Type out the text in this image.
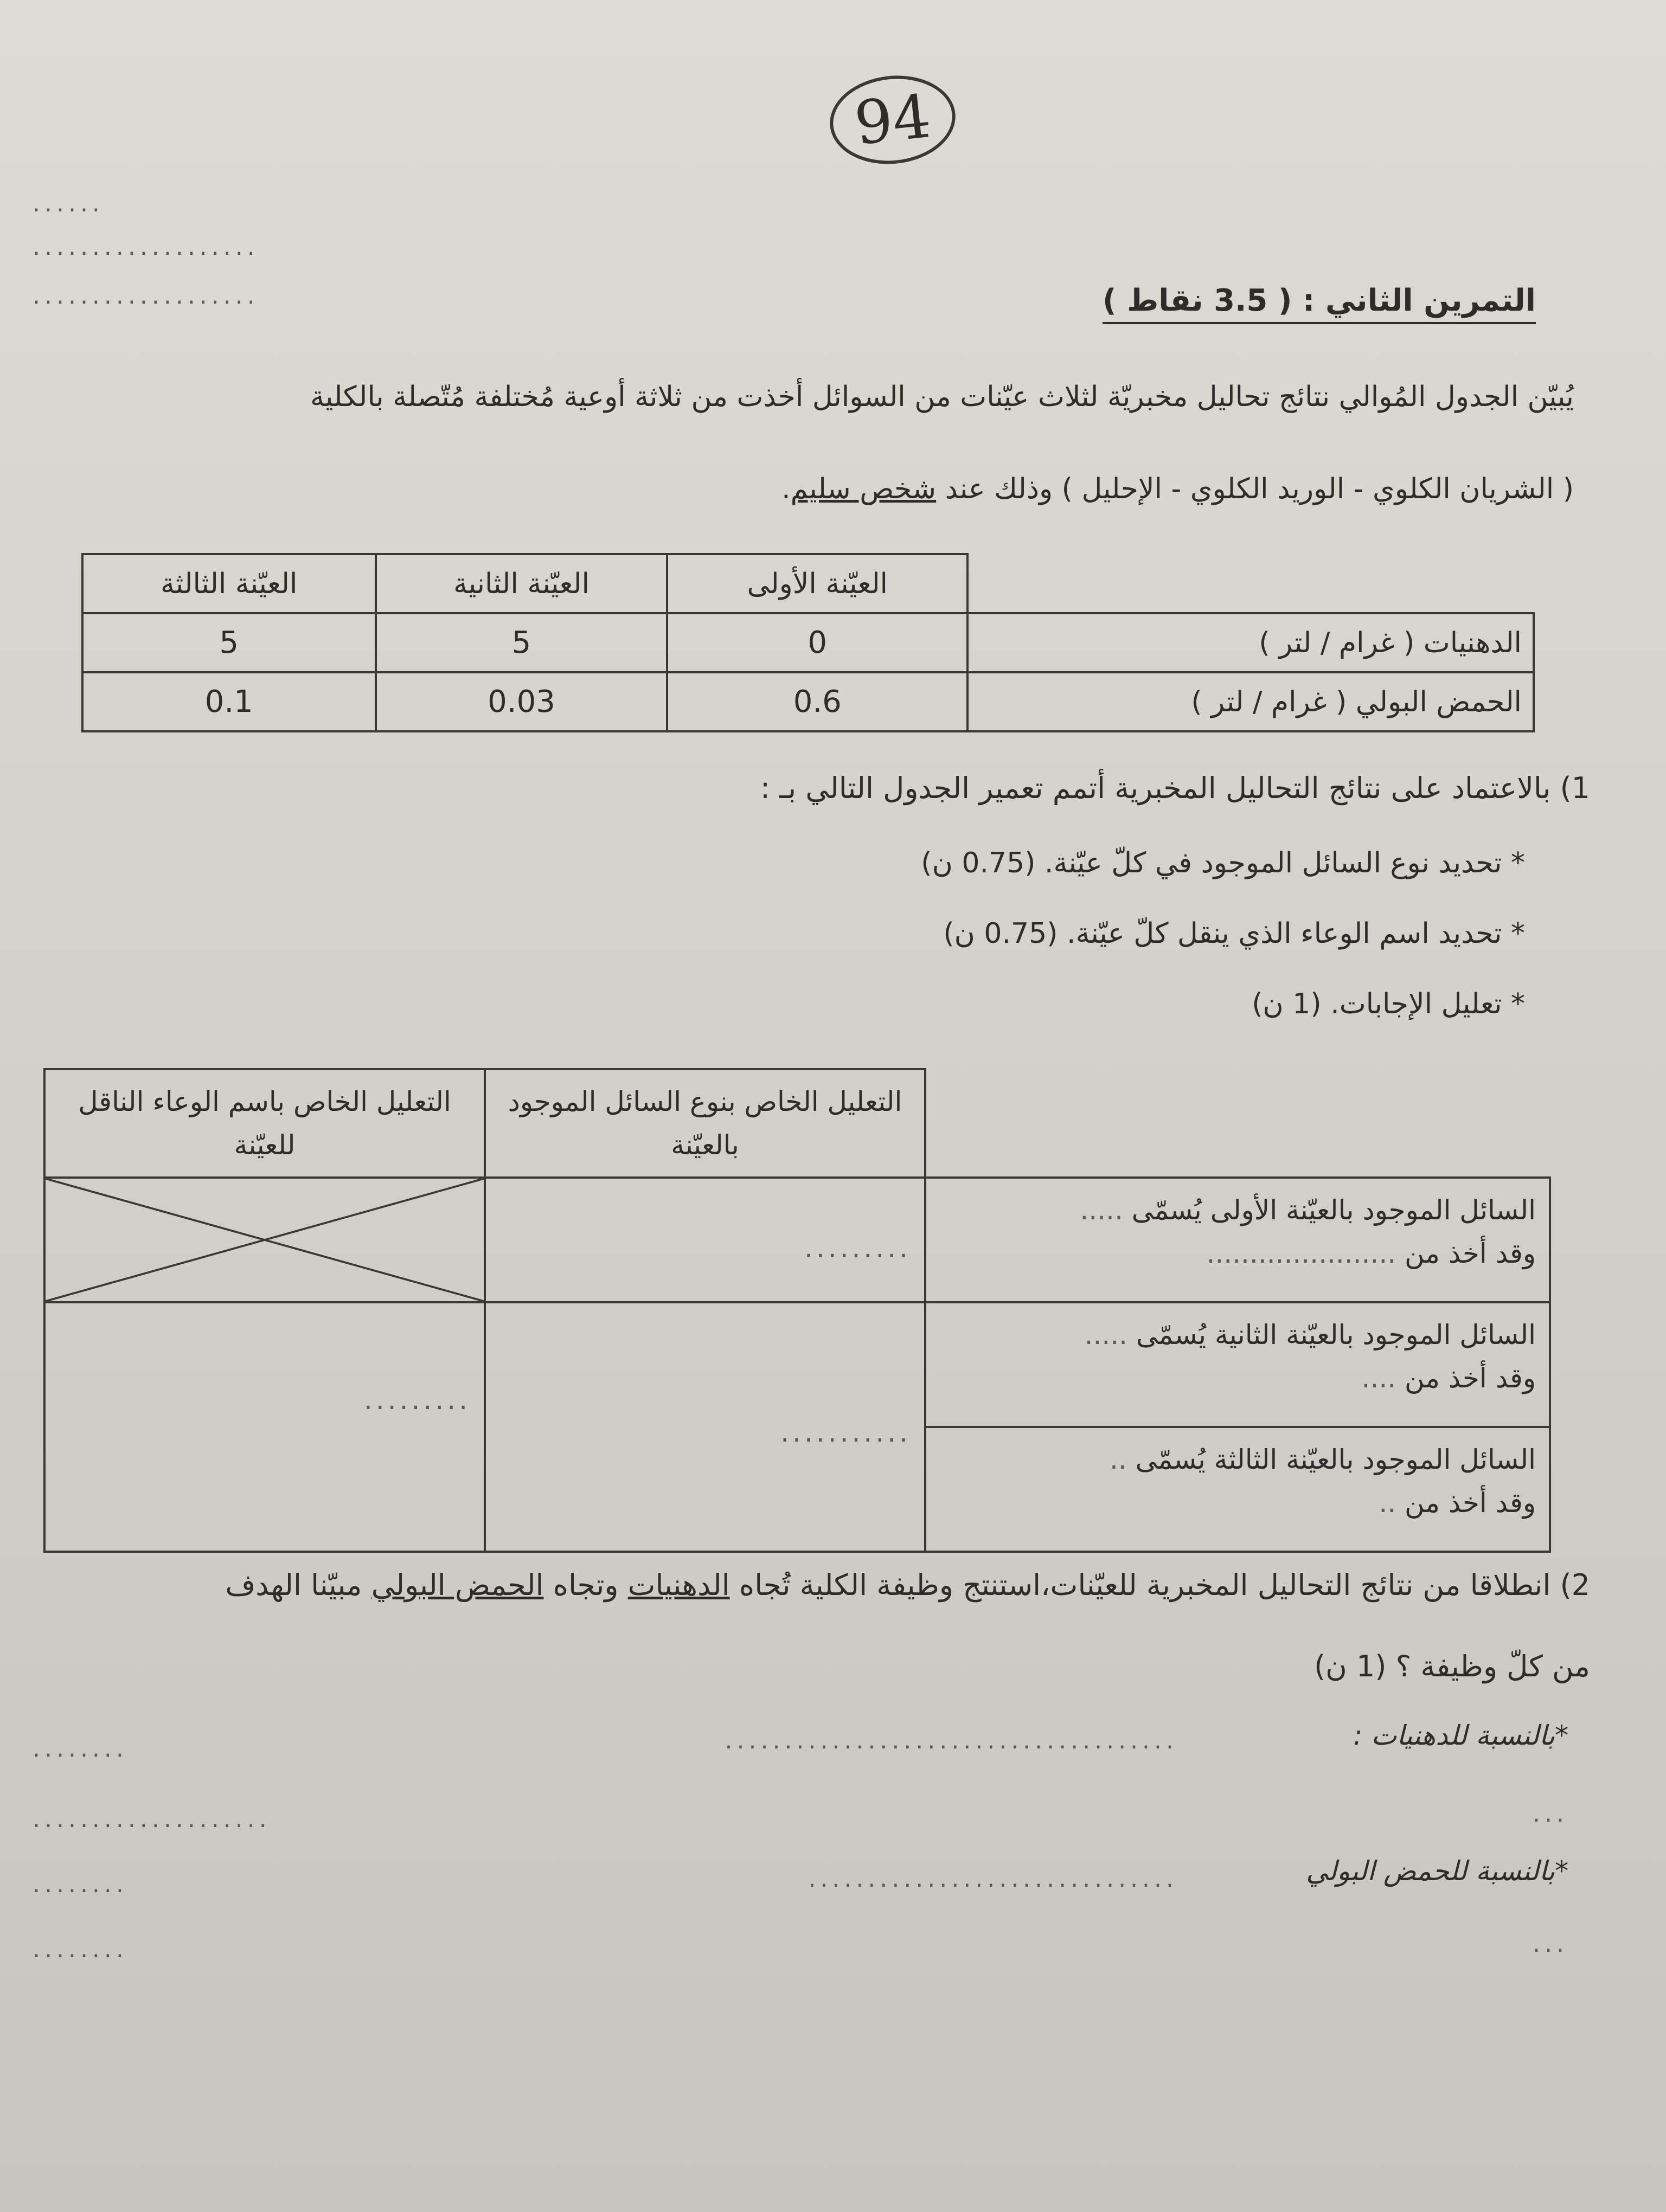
94
......
...................
...................	التمرين الثاني : ( 3.5 نقاط )
يُبيّن الجدول المُوالي نتائج تحاليل مخبريّة لثلاث عيّنات من السوائل أخذت من ثلاثة أوعية مُختلفة مُتّصلة بالكلية
( الشريان الكلوي - الوريد الكلوي - الإحليل ) وذلك عند شخص سليم.
	العيّنة الأولى	العيّنة الثانية	العيّنة الثالثة
الدهنيات ( غرام / لتر )	0	5	5
الحمض البولي ( غرام / لتر )	0.6	0.03	0.1
1) بالاعتماد على نتائج التحاليل المخبرية أتمم تعمير الجدول التالي بـ :
* تحديد نوع السائل الموجود في كلّ عيّنة. (0.75 ن)
* تحديد اسم الوعاء الذي ينقل كلّ عيّنة. (0.75 ن)
* تعليل الإجابات. (1 ن)
	التعليل الخاص بنوع السائل الموجود بالعيّنة	التعليل الخاص باسم الوعاء الناقل للعيّنة

السائل الموجود بالعيّنة الأولى يُسمّى .....
وقد أخذ من ......................	.........

السائل الموجود بالعيّنة الثانية يُسمّى .....
وقد أخذ من ....	...........	.........

السائل الموجود بالعيّنة الثالثة يُسمّى ..
وقد أخذ من ..		
2) انطلاقا من نتائج التحاليل المخبرية للعيّنات،استنتج وظيفة الكلية تُجاه الدهنيات وتجاه الحمض البولي مبيّنا الهدف
من كلّ وظيفة ؟ (1 ن)
*بالنسبة للدهنيات :
......................................
........
....................	...
*بالنسبة للحمض البولي
...............................
........
........	...
